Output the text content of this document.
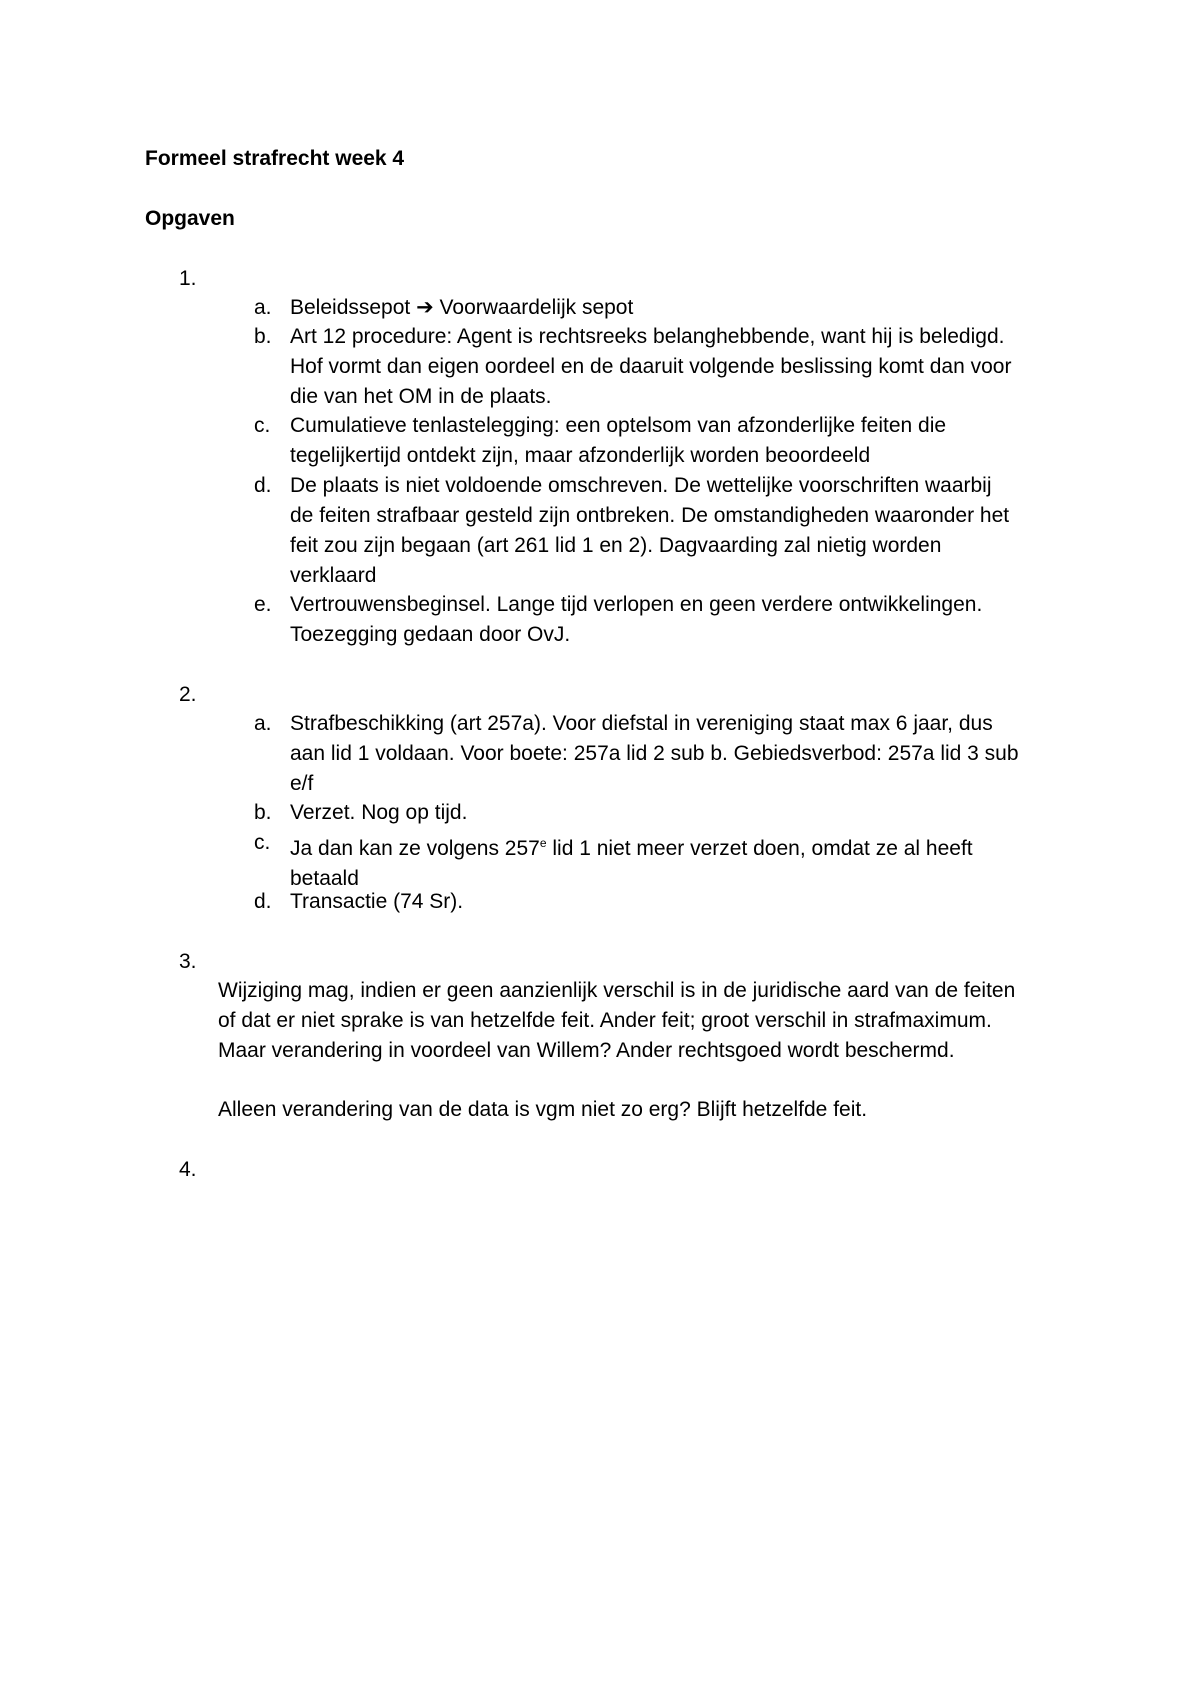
Formeel strafrecht week 4
Opgaven
1.
a. Beleidssepot ➔ Voorwaardelijk sepot
b. Art 12 procedure: Agent is rechtsreeks belanghebbende, want hij is beledigd.
Hof vormt dan eigen oordeel en de daaruit volgende beslissing komt dan voor
die van het OM in de plaats.
c. Cumulatieve tenlastelegging: een optelsom van afzonderlijke feiten die
tegelijkertijd ontdekt zijn, maar afzonderlijk worden beoordeeld
d. De plaats is niet voldoende omschreven. De wettelijke voorschriften waarbij
de feiten strafbaar gesteld zijn ontbreken. De omstandigheden waaronder het
feit zou zijn begaan (art 261 lid 1 en 2). Dagvaarding zal nietig worden
verklaard
e. Vertrouwensbeginsel. Lange tijd verlopen en geen verdere ontwikkelingen.
Toezegging gedaan door OvJ.
2.
a. Strafbeschikking (art 257a). Voor diefstal in vereniging staat max 6 jaar, dus
aan lid 1 voldaan. Voor boete: 257a lid 2 sub b. Gebiedsverbod: 257a lid 3 sub
e/f
b. Verzet. Nog op tijd.
c. Ja dan kan ze volgens 257e lid 1 niet meer verzet doen, omdat ze al heeft
betaald
d. Transactie (74 Sr).
3.
Wijziging mag, indien er geen aanzienlijk verschil is in de juridische aard van de feiten
of dat er niet sprake is van hetzelfde feit. Ander feit; groot verschil in strafmaximum.
Maar verandering in voordeel van Willem? Ander rechtsgoed wordt beschermd.
Alleen verandering van de data is vgm niet zo erg? Blijft hetzelfde feit.
4.
